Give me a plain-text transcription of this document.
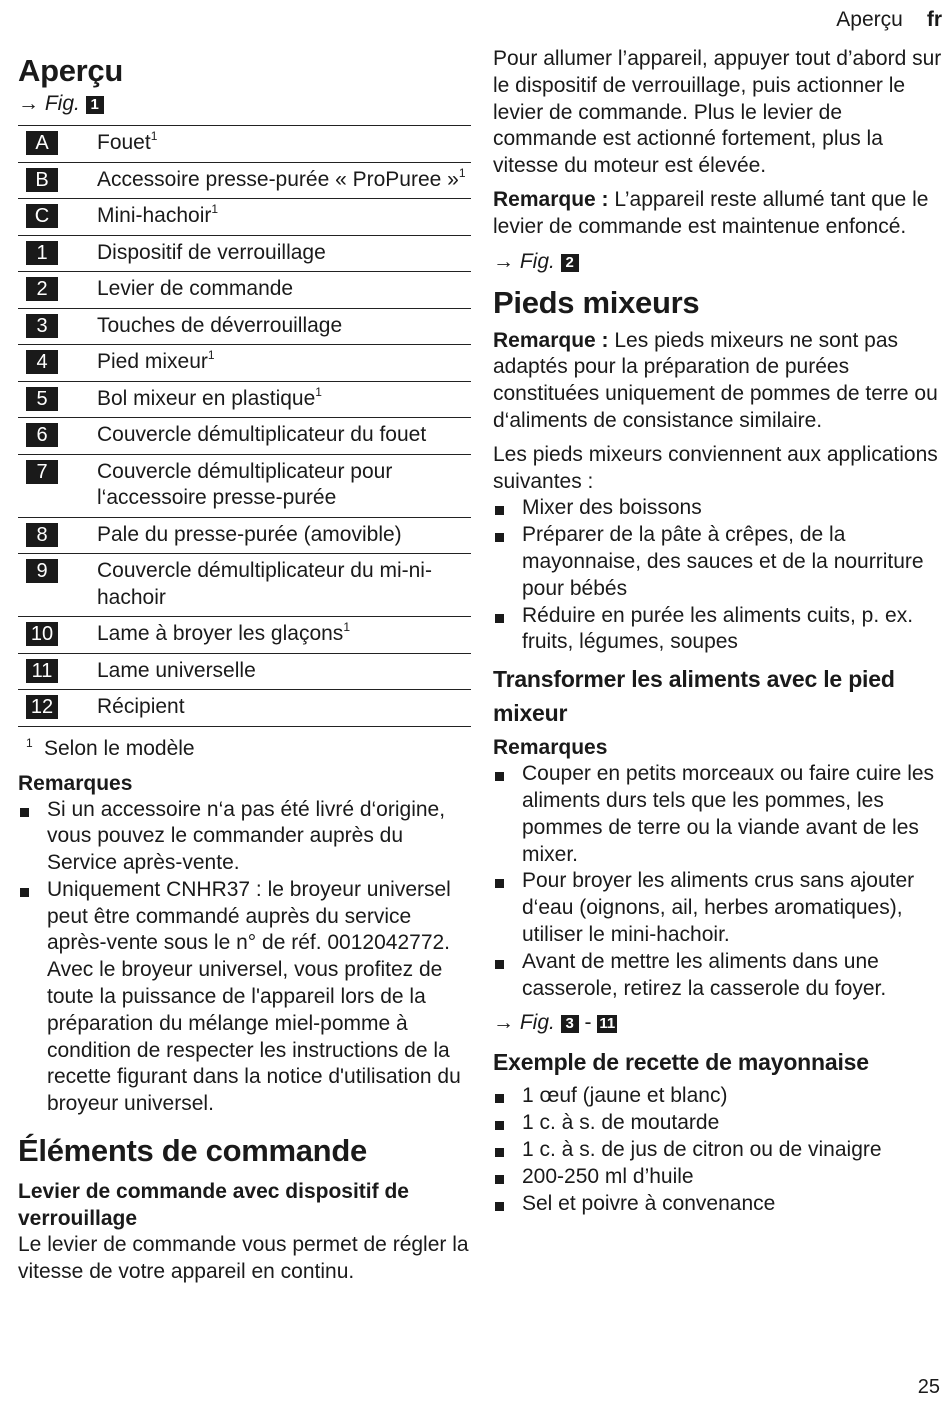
Aperçu fr
Aperçu
→ Fig. 1
A	Fouet$^1$
B	Accessoire presse-purée « ProPuree »$^1$
C	Mini-hachoir$^1$
1	Dispositif de verrouillage
2	Levier de commande
3	Touches de déverrouillage
4	Pied mixeur$^1$
5	Bol mixeur en plastique$^1$
6	Couvercle démultiplicateur du fouet
7	Couvercle démultiplicateur pour l‘accessoire presse-purée
8	Pale du presse-purée (amovible)
9	Couvercle démultiplicateur du mi-ni-hachoir
10	Lame à broyer les glaçons$^1$
11	Lame universelle
12	Récipient
1 Selon le modèle
Remarques
Si un accessoire n‘a pas été livré d‘origine, vous pouvez le commander auprès du Service après-vente.
Uniquement CNHR37 : le broyeur universel peut être commandé auprès du service après-vente sous le n° de réf. 0012042772. Avec le broyeur universel, vous profitez de toute la puissance de l'appareil lors de la préparation du mélange miel-pomme à condition de respecter les instructions de la recette figurant dans la notice d'utilisation du broyeur universel.
Éléments de commande
Levier de commande avec dispositif de verrouillage

Le levier de commande vous permet de régler la vitesse de votre appareil en continu.

Pour allumer l’appareil, appuyer tout d’abord sur le dispositif de verrouillage, puis actionner le levier de commande. Plus le levier de commande est actionné fortement, plus la vitesse du moteur est élevée.

Remarque : L’appareil reste allumé tant que le levier de commande est maintenue enfoncé.

→ Fig. 2
Pieds mixeurs

Remarque : Les pieds mixeurs ne sont pas adaptés pour la préparation de purées constituées uniquement de pommes de terre ou d‘aliments de consistance similaire.

Les pieds mixeurs conviennent aux applications suivantes :

Mixer des boissons
Préparer de la pâte à crêpes, de la mayonnaise, des sauces et de la nourriture pour bébés
Réduire en purée les aliments cuits, p. ex. fruits, légumes, soupes
Transformer les aliments avec le pied mixeur
Remarques
Couper en petits morceaux ou faire cuire les aliments durs tels que les pommes, les pommes de terre ou la viande avant de les mixer.
Pour broyer les aliments crus sans ajouter d‘eau (oignons, ail, herbes aromatiques), utiliser le mini-hachoir.
Avant de mettre les aliments dans une casserole, retirez la casserole du foyer.
→ Fig. 3 - 11
Exemple de recette de mayonnaise
1 œuf (jaune et blanc)
1 c. à s. de moutarde
1 c. à s. de jus de citron ou de vinaigre
200-250 ml d’huile
Sel et poivre à convenance
25
